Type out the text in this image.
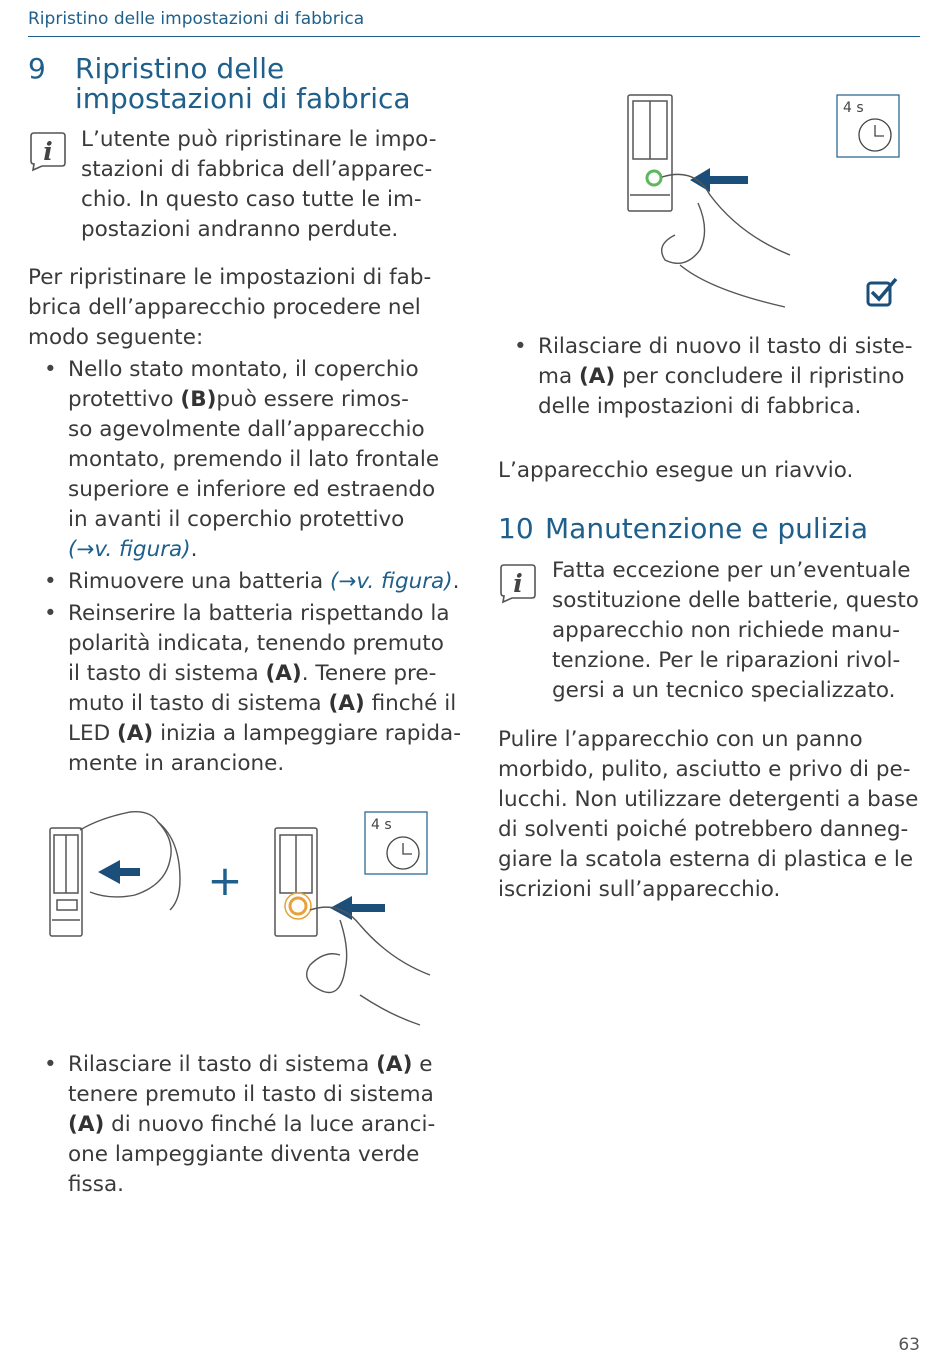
Ripristino delle impostazioni di fabbrica
9 Ripristino delle
impostazioni di fabbrica
i L’utente può ripristinare le impo-
stazioni di fabbrica dell’apparec-
chio. In questo caso tutte le im-
postazioni andranno perdute.
Per ripristinare le impostazioni di fab-
brica dell’apparecchio procedere nel
modo seguente:
• Nello stato montato, il coperchio
protettivo (B)può essere rimos-
so agevolmente dall’apparecchio
montato, premendo il lato frontale
superiore e inferiore ed estraendo
in avanti il coperchio protettivo
(→v. figura).
• Rimuovere una batteria (→v. figura).
• Reinserire la batteria rispettando la
polarità indicata, tenendo premuto
il tasto di sistema (A). Tenere pre-
muto il tasto di sistema (A) finché il
LED (A) inizia a lampeggiare rapida-
mente in arancione.
+
4 s
• Rilasciare il tasto di sistema (A) e
tenere premuto il tasto di sistema
(A) di nuovo finché la luce aranci-
one lampeggiante diventa verde
fissa.
4 s
• Rilasciare di nuovo il tasto di siste-
ma (A) per concludere il ripristino
delle impostazioni di fabbrica.
L’apparecchio esegue un riavvio.
10 Manutenzione e pulizia
i Fatta eccezione per un’eventuale
sostituzione delle batterie, questo
apparecchio non richiede manu-
tenzione. Per le riparazioni rivol-
gersi a un tecnico specializzato.
Pulire l’apparecchio con un panno
morbido, pulito, asciutto e privo di pe-
lucchi. Non utilizzare detergenti a base
di solventi poiché potrebbero danneg-
giare la scatola esterna di plastica e le
iscrizioni sull’apparecchio.
63
